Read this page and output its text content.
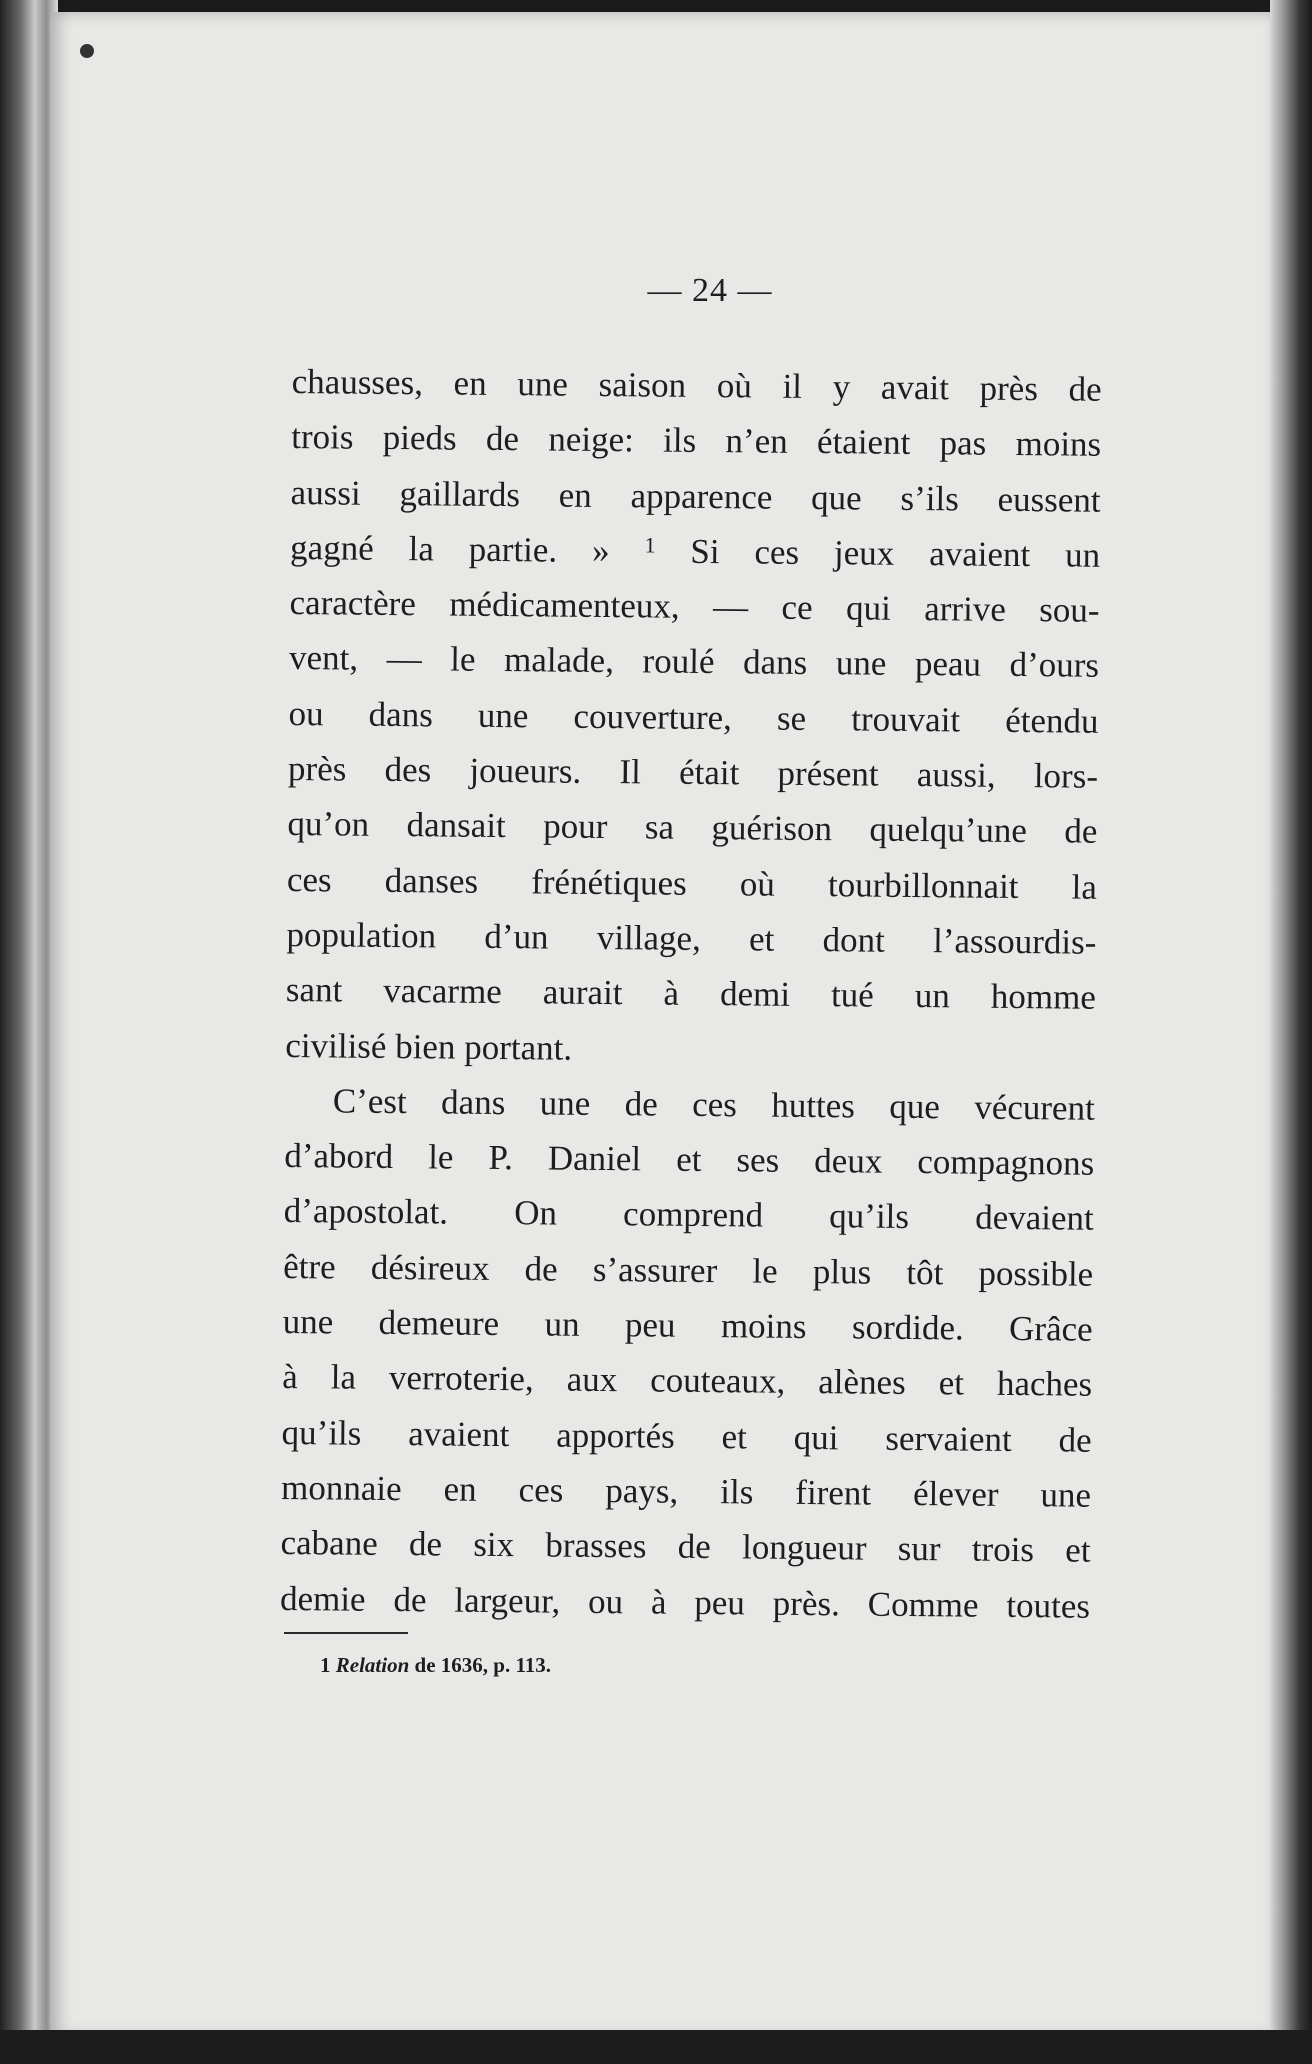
— 24 —
chausses, en une saison où il y avait près de
trois pieds de neige: ils n’en étaient pas moins
aussi gaillards en apparence que s’ils eussent
gagné la partie. » $^1$ Si ces jeux avaient un
caractère médicamenteux, — ce qui arrive sou-
vent, — le malade, roulé dans une peau d’ours
ou dans une couverture, se trouvait étendu
près des joueurs. Il était présent aussi, lors-
qu’on dansait pour sa guérison quelqu’une de
ces danses frénétiques où tourbillonnait la
population d’un village, et dont l’assourdis-
sant vacarme aurait à demi tué un homme
civilisé bien portant.
C’est dans une de ces huttes que vécurent
d’abord le P. Daniel et ses deux compagnons
d’apostolat. On comprend qu’ils devaient
être désireux de s’assurer le plus tôt possible
une demeure un peu moins sordide. Grâce
à la verroterie, aux couteaux, alènes et haches
qu’ils avaient apportés et qui servaient de
monnaie en ces pays, ils firent élever une
cabane de six brasses de longueur sur trois et
demie de largeur, ou à peu près. Comme toutes
1 Relation de 1636, p. 113.
